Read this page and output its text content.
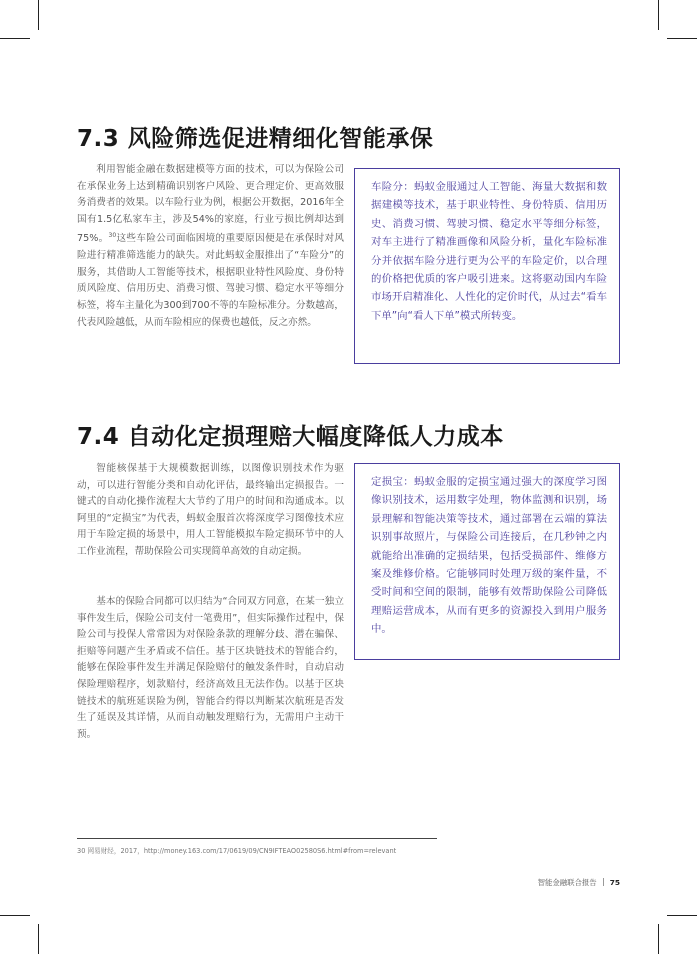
7.3 风险筛选促进精细化智能承保

利用智能金融在数据建模等方面的技术，可以为保险公司在承保业务上达到精确识别客户风险、更合理定价、更高效服务消费者的效果。以车险行业为例，根据公开数据，2016年全国有1.5亿私家车主，涉及54%的家庭，行业亏损比例却达到75%。$^{30}$这些车险公司面临困境的重要原因便是在承保时对风险进行精准筛选能力的缺失。对此蚂蚁金服推出了“车险分”的服务，其借助人工智能等技术，根据职业特性风险度、身份特质风险度、信用历史、消费习惯、驾驶习惯、稳定水平等细分标签，将车主量化为300到700不等的车险标准分。分数越高，代表风险越低，从而车险相应的保费也越低，反之亦然。

车险分：蚂蚁金服通过人工智能、海量大数据和数据建模等技术，基于职业特性、身份特质、信用历史、消费习惯、驾驶习惯、稳定水平等细分标签，对车主进行了精准画像和风险分析，量化车险标准分并依据车险分进行更为公平的车险定价，以合理的价格把优质的客户吸引进来。这将驱动国内车险市场开启精准化、人性化的定价时代，从过去“看车下单”向“看人下单”模式所转变。

7.4 自动化定损理赔大幅度降低人力成本

智能核保基于大规模数据训练，以图像识别技术作为驱动，可以进行智能分类和自动化评估，最终输出定损报告。一键式的自动化操作流程大大节约了用户的时间和沟通成本。以阿里的“定损宝”为代表，蚂蚁金服首次将深度学习图像技术应用于车险定损的场景中，用人工智能模拟车险定损环节中的人工作业流程，帮助保险公司实现简单高效的自动定损。

基本的保险合同都可以归结为“合同双方同意，在某一独立事件发生后，保险公司支付一笔费用”，但实际操作过程中，保险公司与投保人常常因为对保险条款的理解分歧、潜在骗保、拒赔等问题产生矛盾或不信任。基于区块链技术的智能合约，能够在保险事件发生并满足保险赔付的触发条件时，自动启动保险理赔程序，划款赔付，经济高效且无法作伪。以基于区块链技术的航班延误险为例，智能合约得以判断某次航班是否发生了延误及其详情，从而自动触发理赔行为，无需用户主动干预。

定损宝：蚂蚁金服的定损宝通过强大的深度学习图像识别技术，运用数字处理，物体监测和识别，场景理解和智能决策等技术，通过部署在云端的算法识别事故照片，与保险公司连接后，在几秒钟之内就能给出准确的定损结果，包括受损部件、维修方案及维修价格。它能够同时处理万级的案件量，不受时间和空间的限制，能够有效帮助保险公司降低理赔运营成本，从而有更多的资源投入到用户服务中。

30 网易财经，2017，http://money.163.com/17/0619/09/CN9IFTEAO02580S6.html#from=relevant

智能金融联合报告 75
